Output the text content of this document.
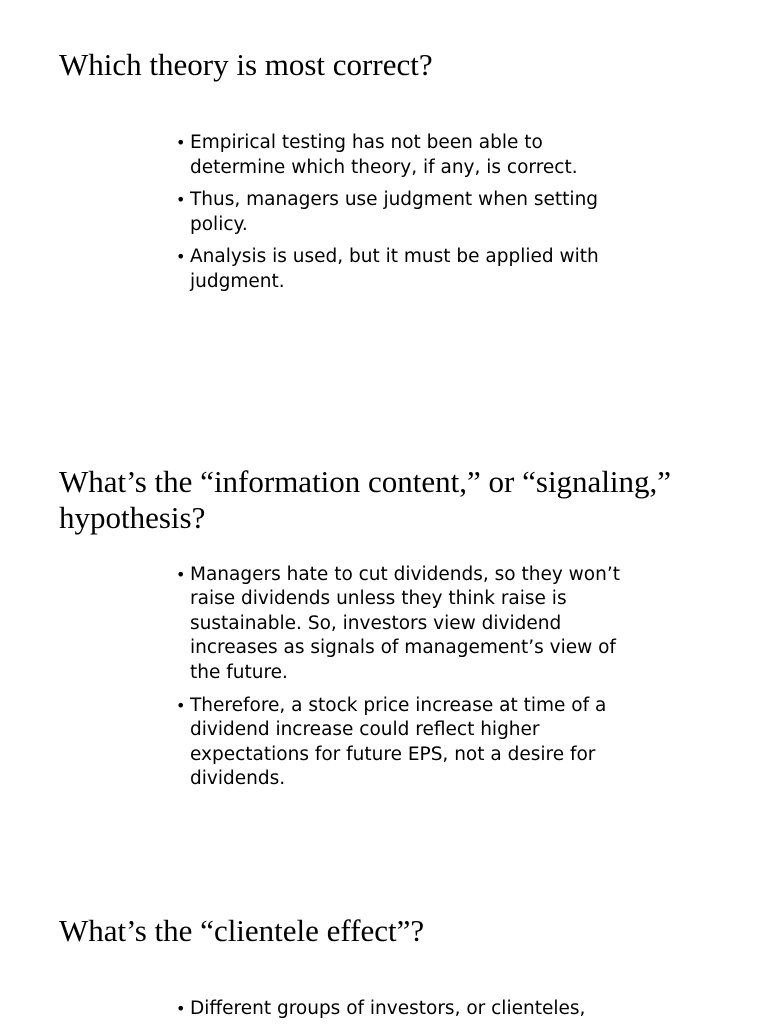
Which theory is most correct?
• Empirical testing has not been able to determine which theory, if any, is correct.
• Thus, managers use judgment when setting policy.
• Analysis is used, but it must be applied with judgment.
What’s the “information content,” or “signaling,” hypothesis?
• Managers hate to cut dividends, so they won’t raise dividends unless they think raise is sustainable. So, investors view dividend increases as signals of management’s view of the future.
• Therefore, a stock price increase at time of a dividend increase could reflect higher expectations for future EPS, not a desire for dividends.
What’s the “clientele effect”?
• Different groups of investors, or clienteles,
